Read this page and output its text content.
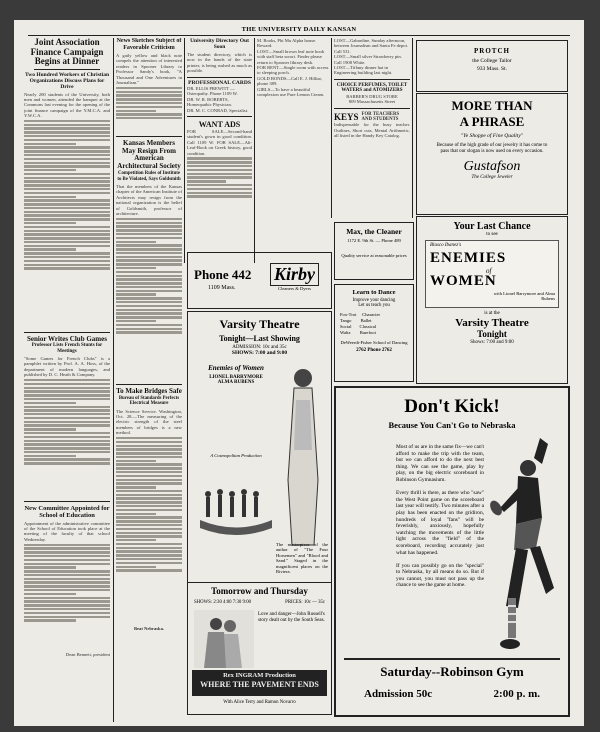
THE UNIVERSITY DAILY KANSAN
Joint Association Finance Campaign Begins at Dinner
Two Hundred Workers of Christian Organizations Discuss Plans for Drive
Nearly 200 students of the University, both men and women, attended the banquet at the Commons last evening for the opening of the joint finance campaign of the Y.M.C.A. and Y.W.C.A.
Senior Writes Club Games
Professor Lists French Stunts for Meetings
"Some Games for French Clubs" is a pamphlet written by Prof. A. A. Hoss, of the department of modern languages, and published by D. C. Heath & Company.
New Committee Appointed for School of Education
Appointment of the administrative committee of the School of Education took place at the meeting of the faculty of that school Wednesday.
Dean Bennett, president
News Sketches Subject of Favorable Criticism
A gaily yellow and black note compels the attention of interested readers in Spooner Library to Professor Sandy's book, "A Thousand and One Adventures in Journalism."
Kansas Members May Resign From American Architectural Society
Competition Rules of Institute to Be Violated, Says Goldsmith
That the members of the Kansas chapter of the American Institute of Architects may resign from the national organization is the belief of Goldsmith, professor of architecture.
To Make Bridges Safe
Bureau of Standards Perfects Electrical Measure
The Science Service. Washington, Oct. 28.—The measuring of the electric strength of the steel members of bridges is a new method.
Beat Nebraska.
University Directory Out Soon
The student directory, which is now in the hands of the state printer, is being rushed as much as possible.
PROFESSIONAL CARDS
DR. ELLIS PREWITT — Osteopathy. Phone 1109 W.
DR. W. R. ROBERTS, Homeopathic Physician.
DR. M. C. CONRAD, Specialist.
WANT ADS
FOR SALE—Second-hand student's gown in good condition. Call 1109 W. FOR SALE—Alt-Leaf-Book on Greek history, good condition.
M. Books, Phi Mu Alpha house. Reward.
LOST—Small brown leaf note book with staff beta sorori. Finder please return to Spooner library desk.
FOR RENT—Single room with access to sleeping porch.
GOLD BONDS—Call E. J. Hilliar, phone 389.
GIRLS—To have a beautiful complexion use Pure Lemon Cream.
LOST—Gabardine, Sunday afternoon, between Journalism and Santa Fe depot. Call 531.
LOST—Small silver Strawberry pin. Call 1908 White.
LOST—Tiffany dinner hat in Engineering building last night.
CHOICE PERFUMES, TOILET WATERS and ATOMIZERS
BARBER'S DRUG STORE
809 Massachusetts Street
KEYS FOR TEACHERS AND STUDENTS
Indispensable for the busy teacher. Outlines, Short cuts, Mental Arithmetic, all listed in the Handy Key Catalog.
PROTCH
the College Tailor
933 Mass. St.
MORE THAN
A PHRASE
"Ye Shoppe of Fine Quality"
Because of the high grade of our jewelry it has come to pass that our slogan is now used on every occasion.
Gustafson
The College Jeweler
Max, the Cleaner
1172 E. 9th St. — Phone 489
Quality service at reasonable prices
Phone 442
1109 Mass.
Kirby
Cleaners & Dyers
Learn to Dance
Improve your dancing
Let us teach you
Fox-Trot     Character
Tango        Ballet
Social       Classical
Waltz        Barefoot
DeWeerdt-Fisher School of Dancing
2762 Phone 2762
Your Last Chance
to see
Blasco Ibanez's
ENEMIES
of
WOMEN
with Lionel Barrymore and Alma Rubens
is at the
Varsity Theatre
Tonight
Shows: 7:00 and 9:00
Varsity Theatre
Tonight—Last Showing
ADMISSION: 10c and 35c
SHOWS: 7:00 and 9:00
Enemies of Women
LIONEL BARRYMORE
ALMA RUBENS
A Cosmopolitan Production
The masterpiece of the author of "The Four Horsemen" and "Blood and Sand." Staged in the magnificent places on the Riviera.
Tomorrow and Thursday
SHOWS: 2:30 4:00 7:30 9:00	PRICES: 10c — 35c
Love and danger—John Russell's story dealt out by the South Seas.
Rex INGRAM Production
WHERE THE PAVEMENT ENDS
With Alice Terry and Ramon Novarro
Don't Kick!
Because You Can't Go to Nebraska
Most of us are in the same fix—we can't afford to make the trip with the team, but we can afford to do the next best thing. We can see the game, play by play, on the big electric scoreboard in Robinson Gymnasium.

Every thrill is there, as there who "saw" the West Point game on the scoreboard last year will testify. Two minutes after a play has been enacted on the gridiron, hundreds of loyal "fans" will be feverishly, anxiously, hopefully watching the movements of the little light across the "field" of the scoreboard, recording accurately just what has happened.

If you can possibly go on the "special" to Nebraska, by all means do so. But if you cannot, you must not pass up the chance to see the game at home.
Saturday--Robinson Gym
Admission 50c	2:00 p. m.
